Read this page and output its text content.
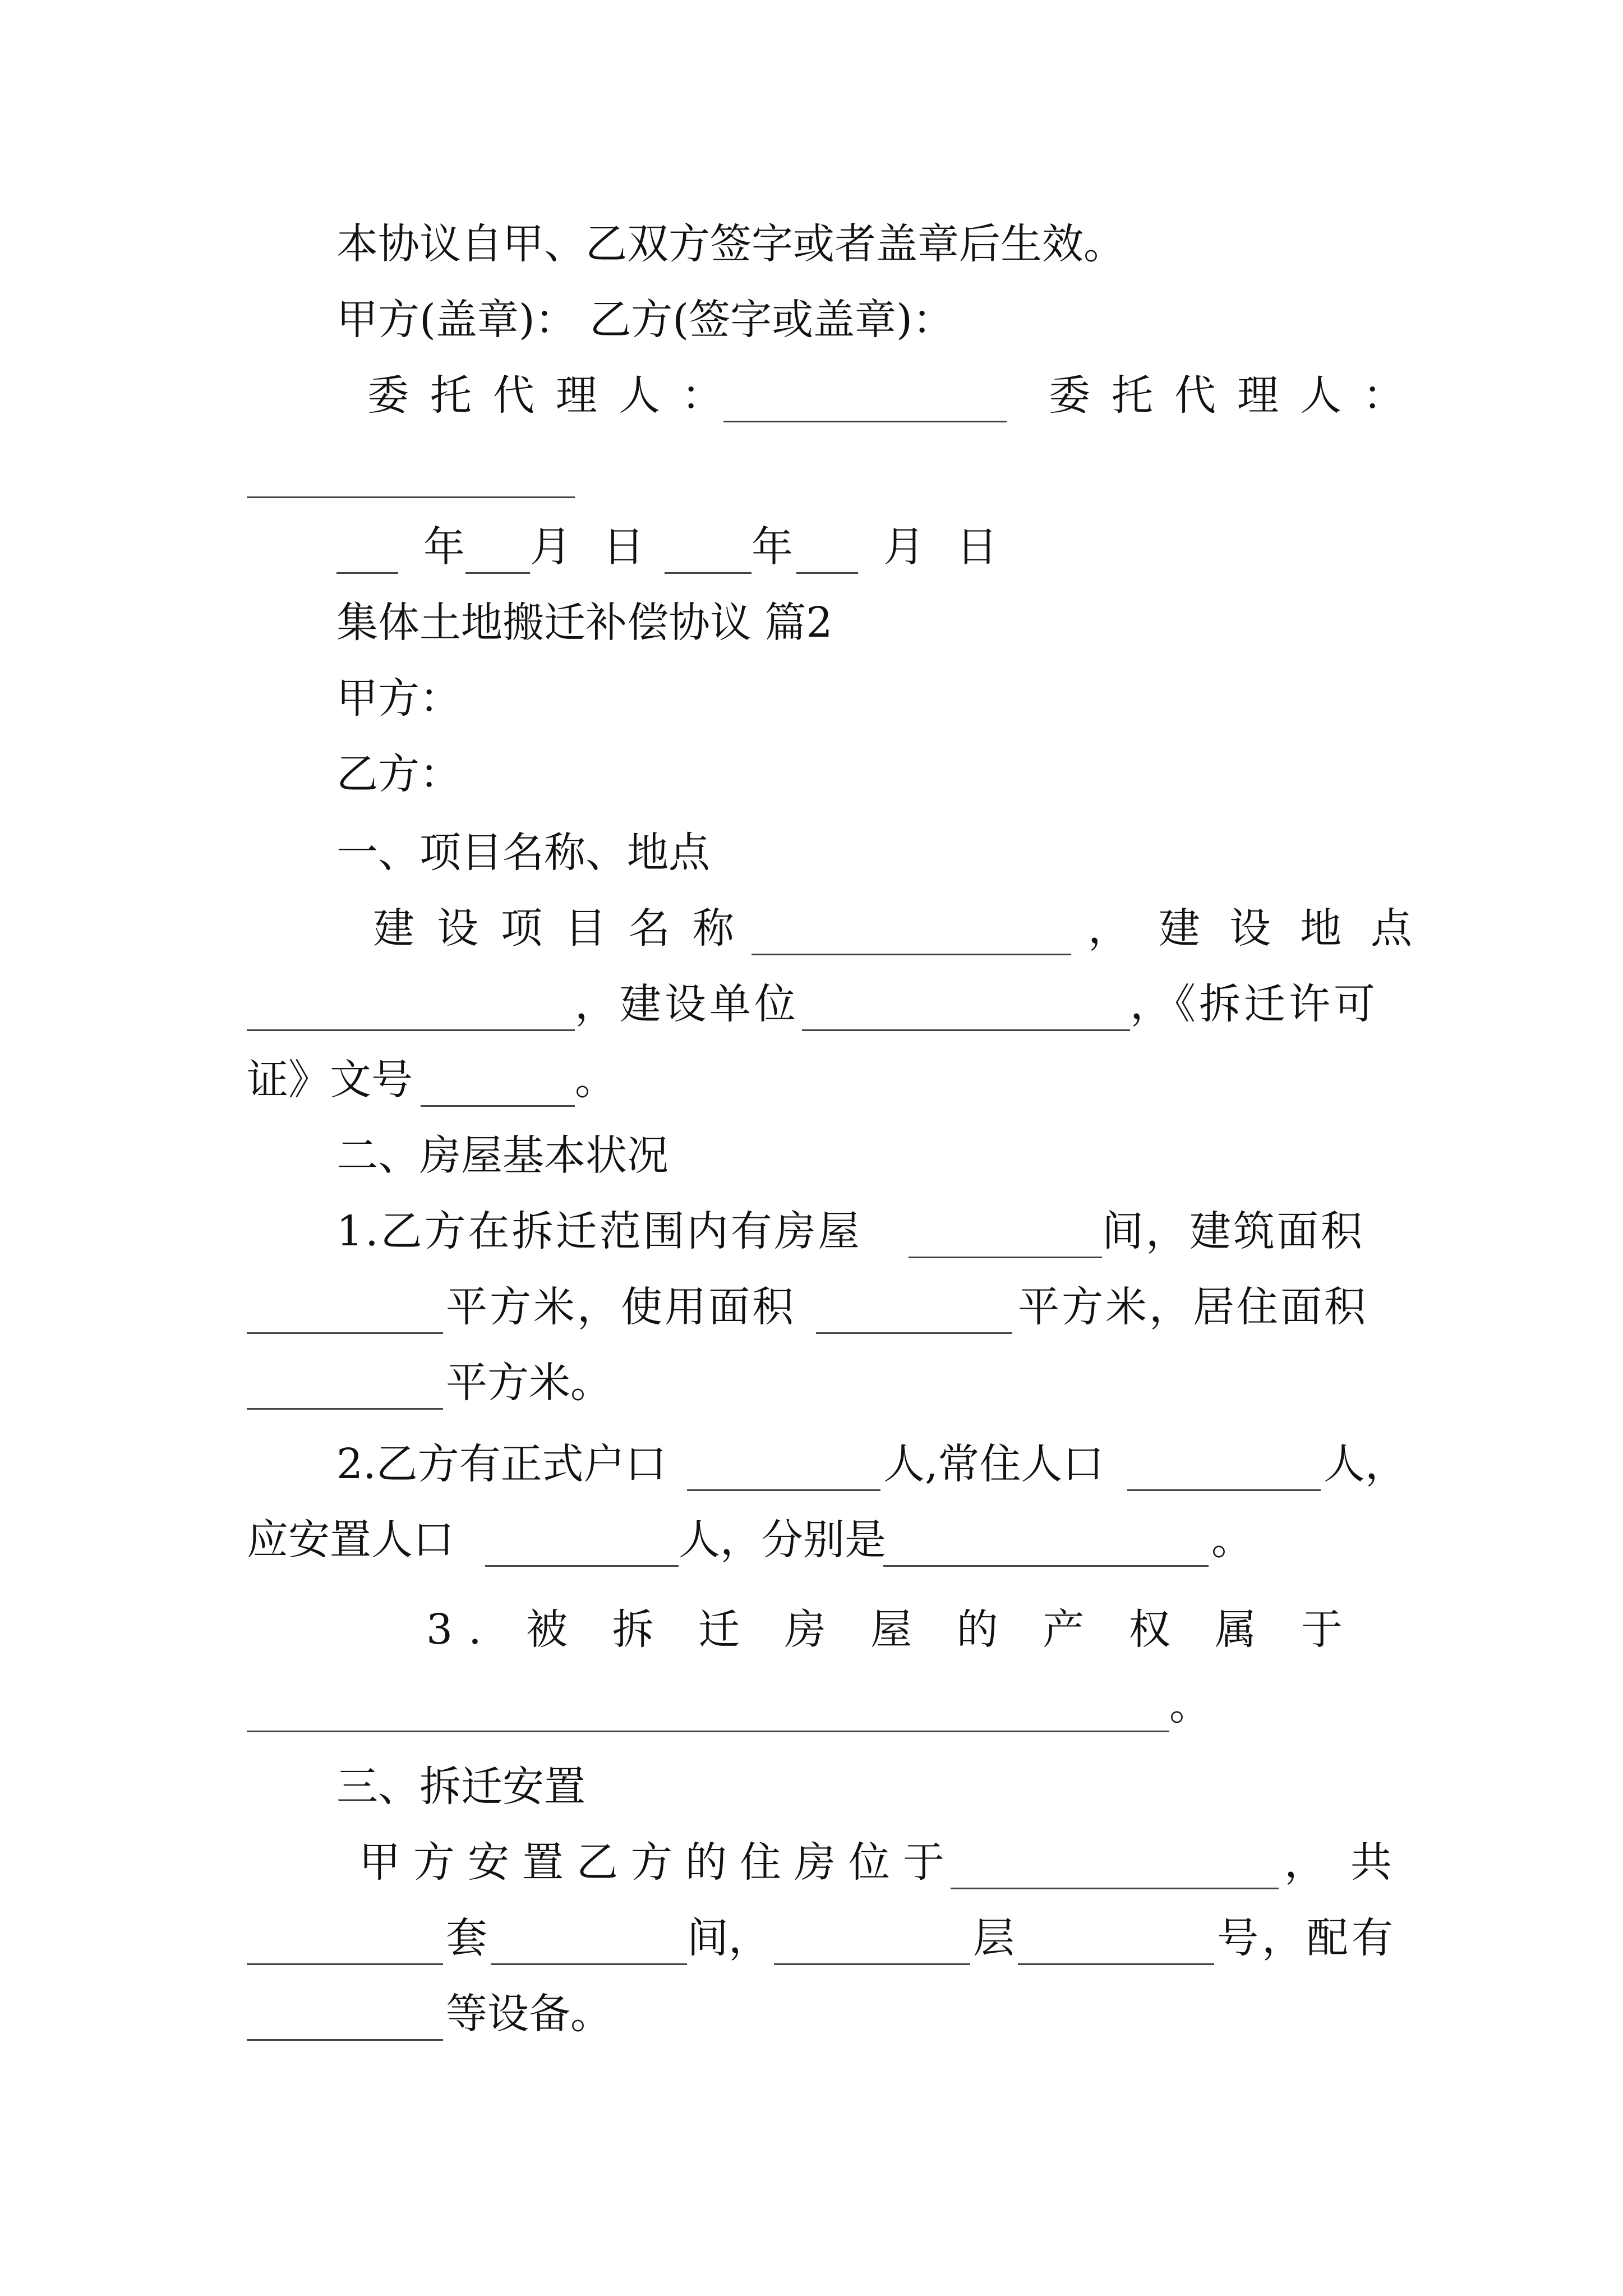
本协议自甲、乙双方签字或者盖章后生效。
甲方(盖章)： 乙方(签字或盖章)：
委托代理人：	委托代理人：
年 月 日	年 月 日
集体土地搬迁补偿协议 篇2
甲方：
乙方：
一、项目名称、地点
建设项目名称	，建设地点
，建设单位	，《拆迁许可
证》文号	。
二、房屋基本状况
1.乙方在拆迁范围内有房屋	间，建筑面积
平方米，使用面积	平方米，居住面积
平方米。
2.乙方有正式户口	人,常住人口	人，
应安置人口	人，分别是	。
3. 被 拆 迁 房 屋 的 产 权 属 于
。
三、拆迁安置
甲方安置乙方的住房位于	，共
套	间，	层	号，配有
等设备。
